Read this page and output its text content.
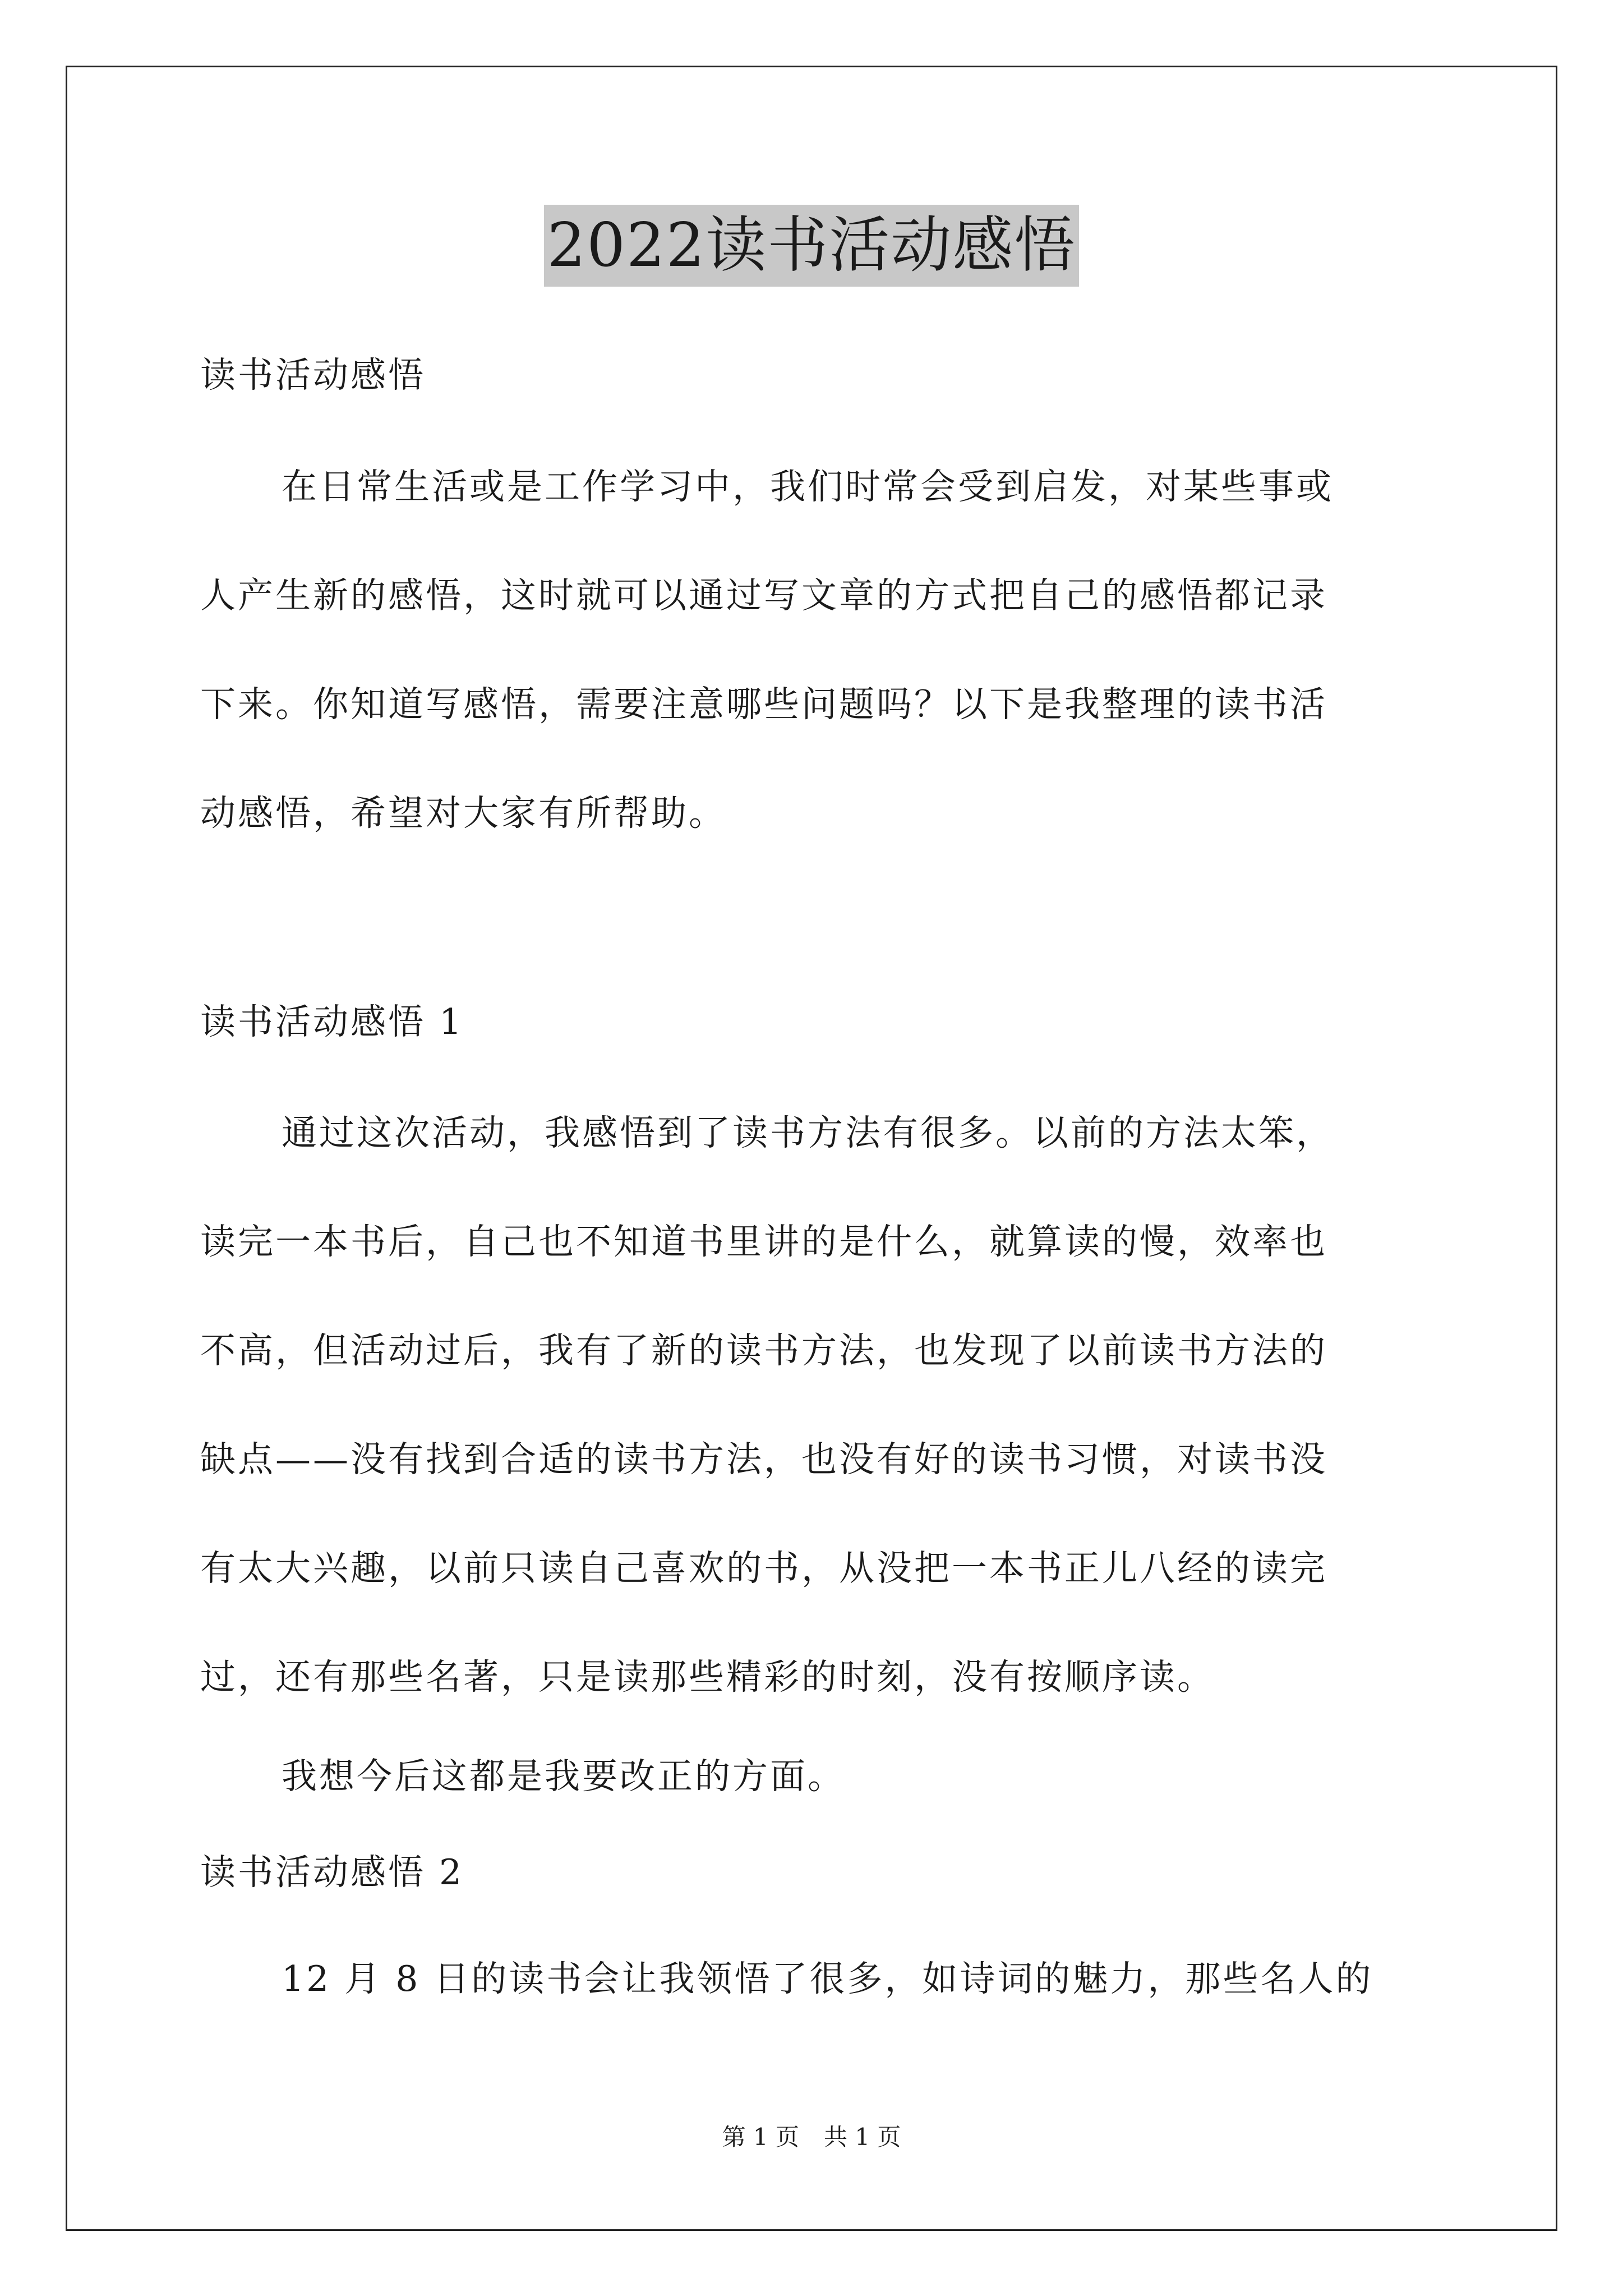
2022读书活动感悟
读书活动感悟
在日常生活或是工作学习中，我们时常会受到启发，对某些事或
人产生新的感悟，这时就可以通过写文章的方式把自己的感悟都记录
下来。你知道写感悟，需要注意哪些问题吗？以下是我整理的读书活
动感悟，希望对大家有所帮助。
读书活动感悟 1
通过这次活动，我感悟到了读书方法有很多。以前的方法太笨，
读完一本书后，自己也不知道书里讲的是什么，就算读的慢，效率也
不高，但活动过后，我有了新的读书方法，也发现了以前读书方法的
缺点——没有找到合适的读书方法，也没有好的读书习惯，对读书没
有太大兴趣，以前只读自己喜欢的书，从没把一本书正儿八经的读完
过，还有那些名著，只是读那些精彩的时刻，没有按顺序读。
我想今后这都是我要改正的方面。
读书活动感悟 2
12 月 8 日的读书会让我领悟了很多，如诗词的魅力，那些名人的
第 1 页 共 1 页
